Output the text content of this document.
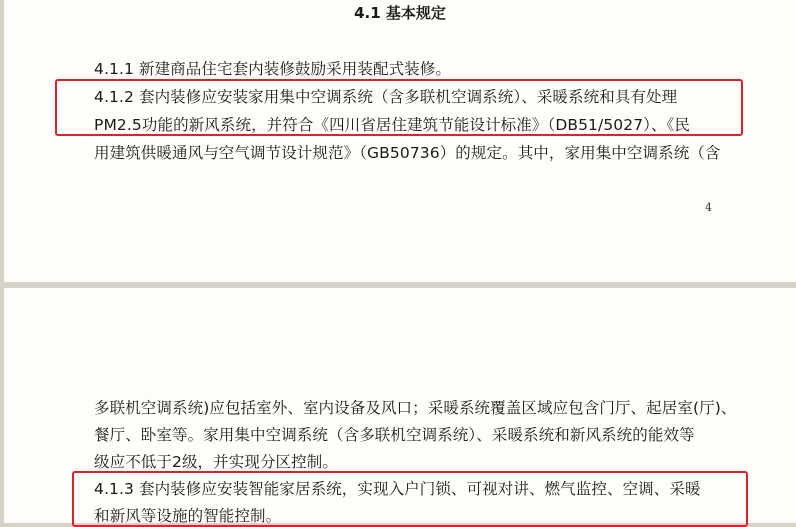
4.1 基本规定
4.1.1 新建商品住宅套内装修鼓励采用装配式装修。
4.1.2 套内装修应安装家用集中空调系统（含多联机空调系统）、采暖系统和具有处理
PM2.5功能的新风系统，并符合《四川省居住建筑节能设计标准》（DB51/5027）、《民
用建筑供暖通风与空气调节设计规范》（GB50736）的规定。其中，家用集中空调系统（含
4
多联机空调系统)应包括室外、室内设备及风口；采暖系统覆盖区域应包含门厅、起居室(厅)、
餐厅、卧室等。家用集中空调系统（含多联机空调系统）、采暖系统和新风系统的能效等
级应不低于2级，并实现分区控制。
4.1.3 套内装修应安装智能家居系统，实现入户门锁、可视对讲、燃气监控、空调、采暖
和新风等设施的智能控制。
